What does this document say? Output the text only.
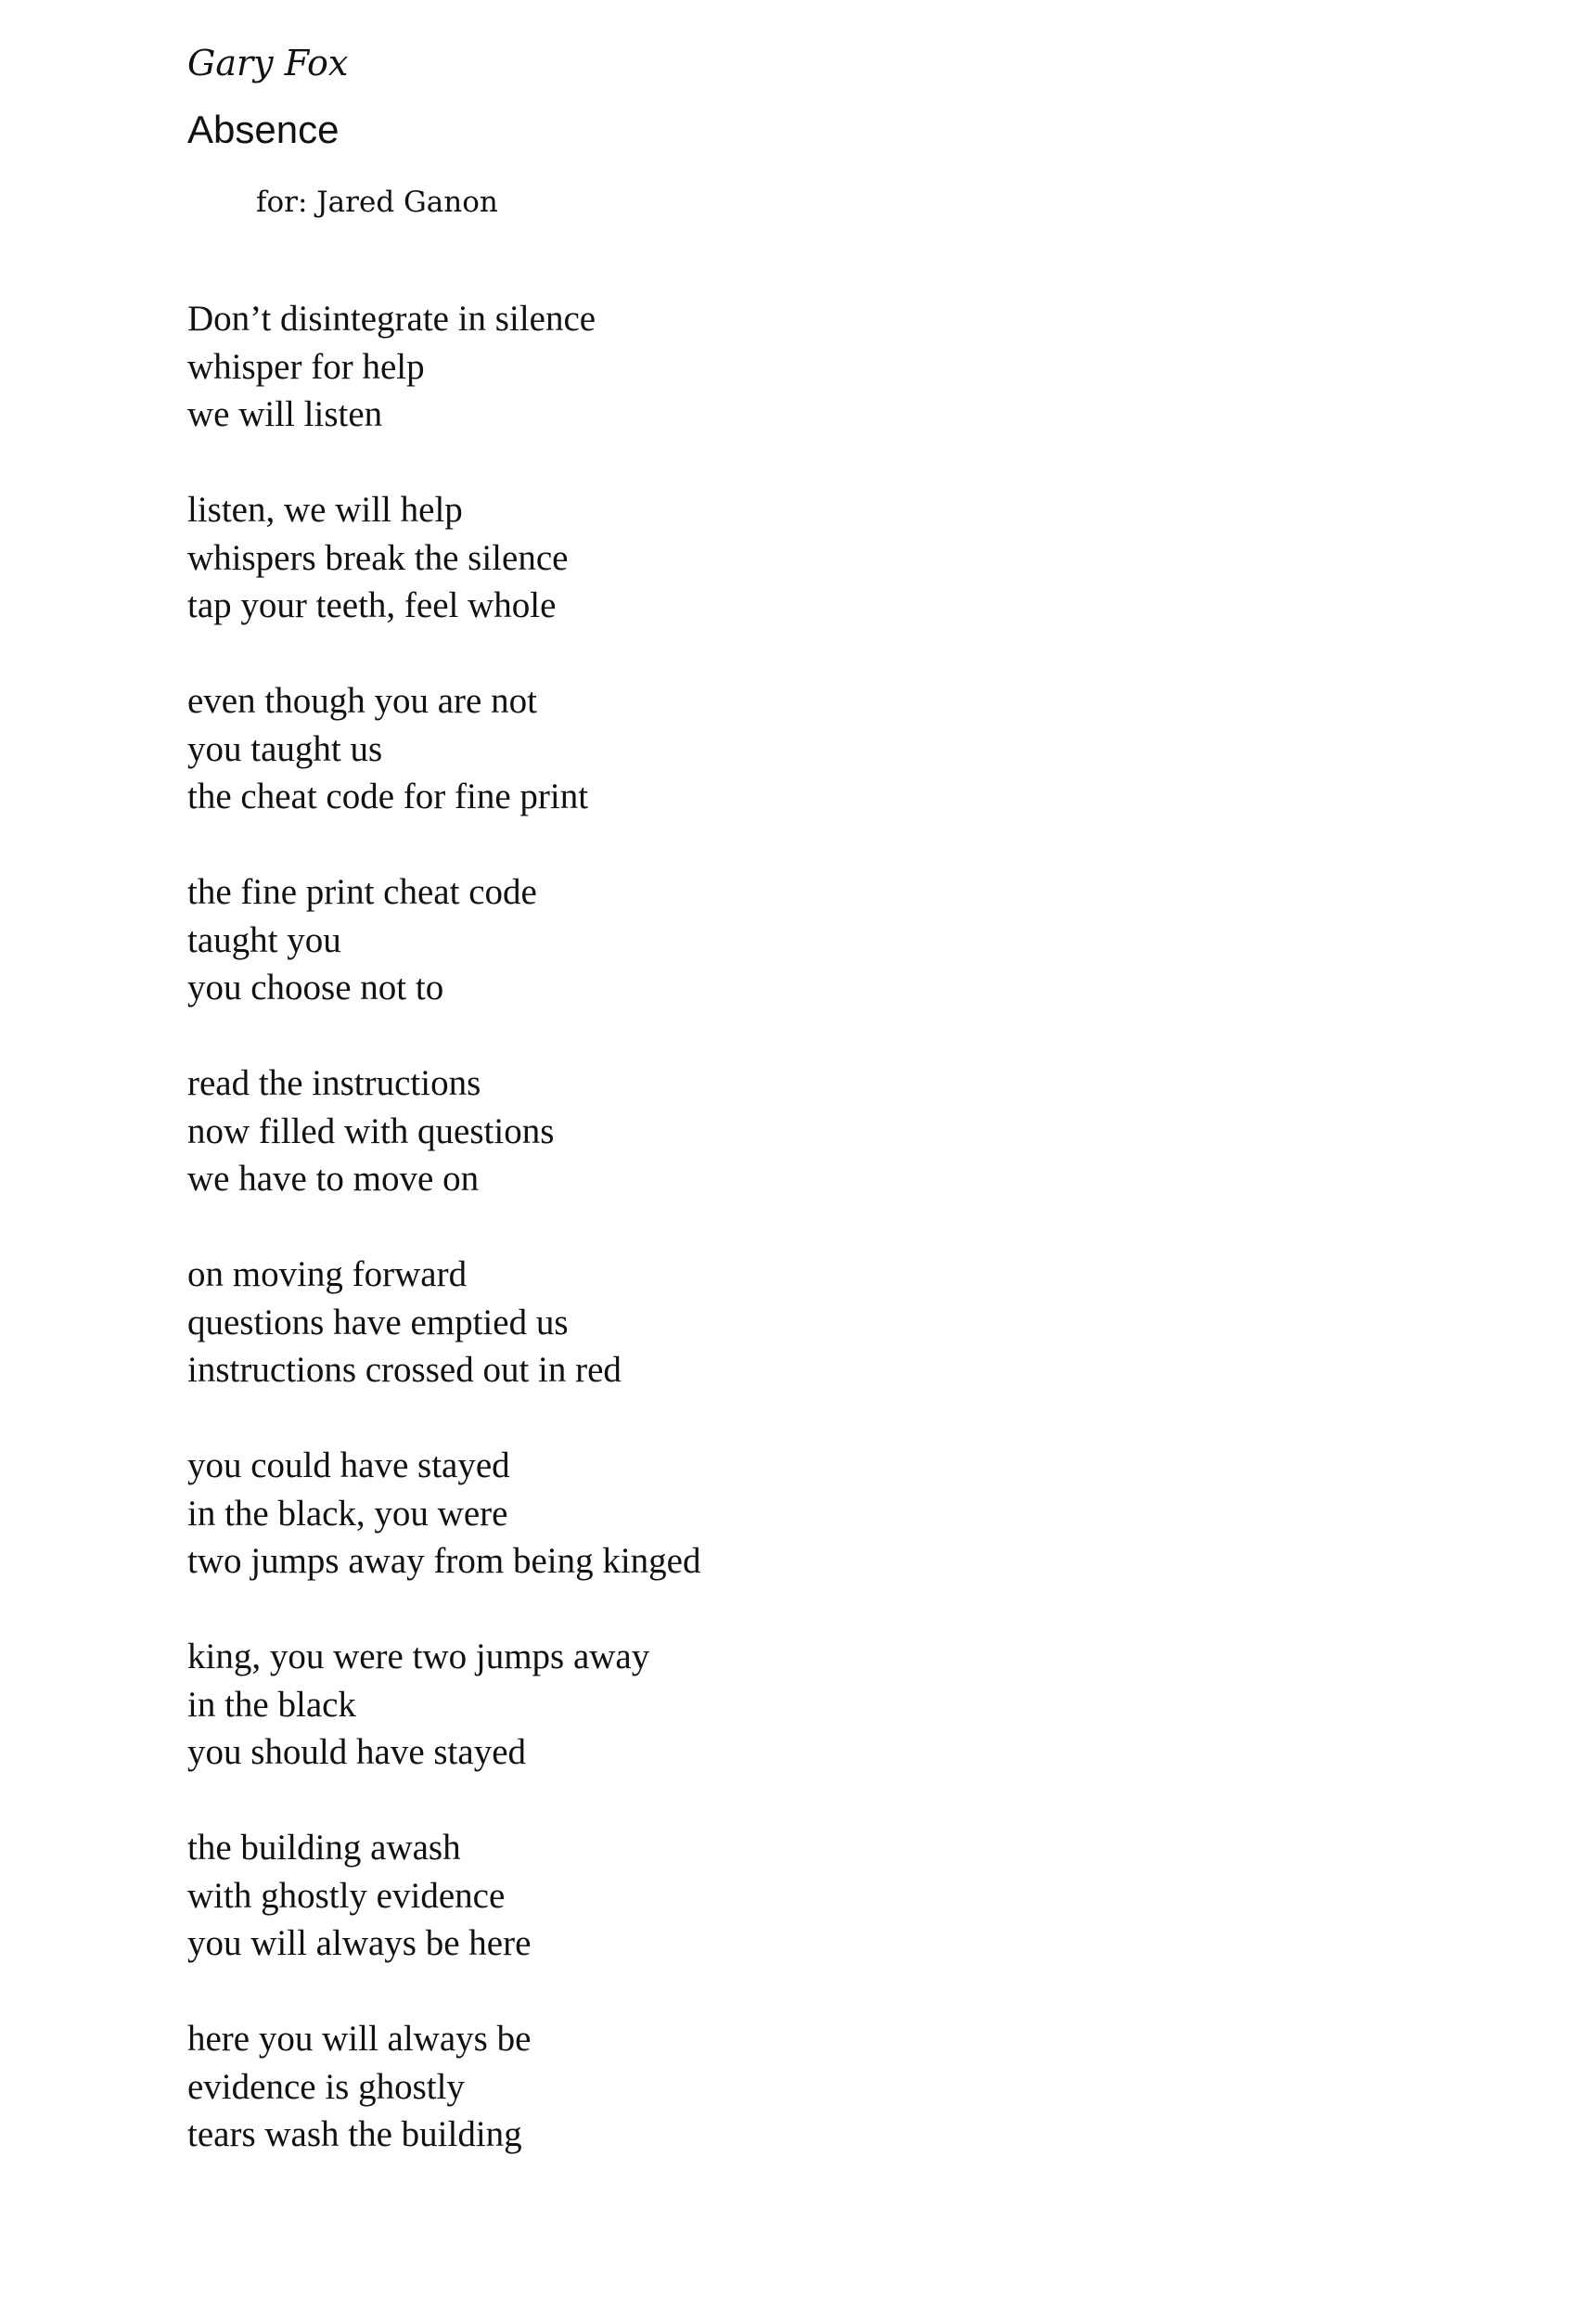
Gary Fox
Absence
for: Jared Ganon
Don’t disintegrate in silence
whisper for help
we will listen
listen, we will help
whispers break the silence
tap your teeth, feel whole
even though you are not
you taught us
the cheat code for fine print
the fine print cheat code
taught you
you choose not to
read the instructions
now filled with questions
we have to move on
on moving forward
questions have emptied us
instructions crossed out in red
you could have stayed
in the black, you were
two jumps away from being kinged
king, you were two jumps away
in the black
you should have stayed
the building awash
with ghostly evidence
you will always be here
here you will always be
evidence is ghostly
tears wash the building
